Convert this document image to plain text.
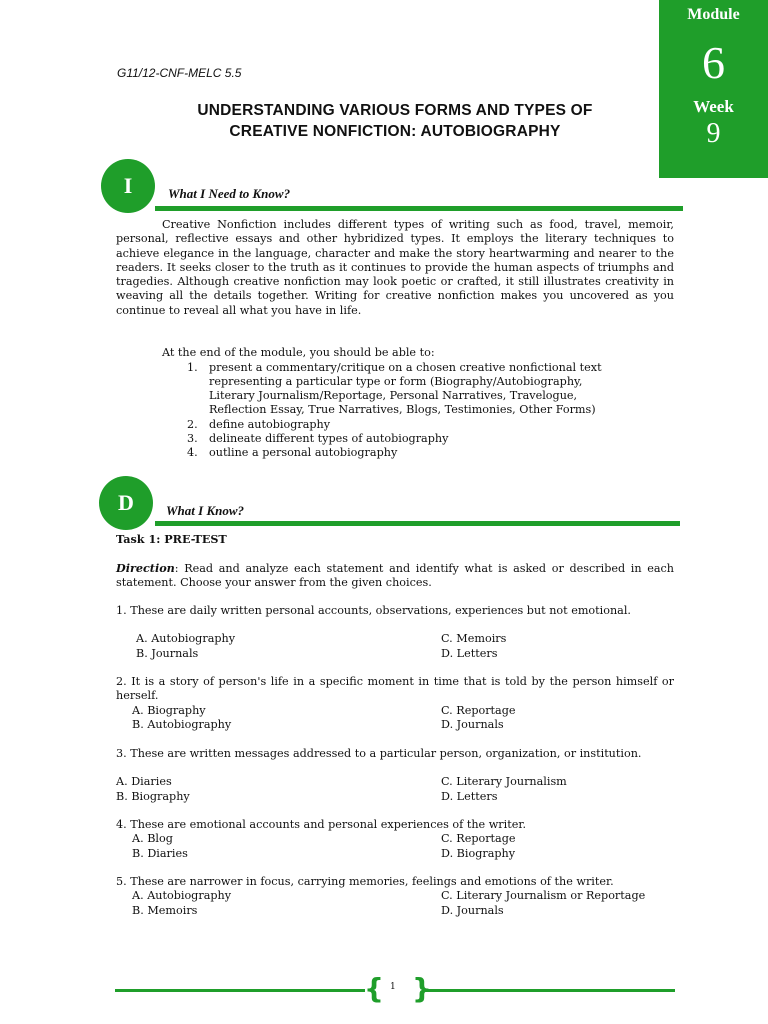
Module
6
Week
9
G11/12-CNF-MELC 5.5
UNDERSTANDING VARIOUS FORMS AND TYPES OF
CREATIVE NONFICTION: AUTOBIOGRAPHY
I	What I Need to Know?
Creative Nonfiction includes different types of writing such as food, travel, memoir, personal, reflective essays and other hybridized types. It employs the literary techniques to achieve elegance in the language, character and make the story heartwarming and nearer to the readers. It seeks closer to the truth as it continues to provide the human aspects of triumphs and tragedies. Although creative nonfiction may look poetic or crafted, it still illustrates creativity in weaving all the details together. Writing for creative nonfiction makes you uncovered as you continue to reveal all what you have in life.
At the end of the module, you should be able to:
1. present a commentary/critique on a chosen creative nonfictional text
representing a particular type or form (Biography/Autobiography,
Literary Journalism/Reportage, Personal Narratives, Travelogue,
Reflection Essay, True Narratives, Blogs, Testimonies, Other Forms)
2. define autobiography
3. delineate different types of autobiography
4. outline a personal autobiography
D	What I Know?
Task 1: PRE-TEST
Direction: Read and analyze each statement and identify what is asked or described in each statement. Choose your answer from the given choices.
1. These are daily written personal accounts, observations, experiences but not emotional.
A. Autobiography
B. Journals
C. Memoirs
D. Letters
2. It is a story of person's life in a specific moment in time that is told by the person himself or herself.
A. Biography
B. Autobiography
C. Reportage
D. Journals
3. These are written messages addressed to a particular person, organization, or institution.
A. Diaries
B. Biography
C. Literary Journalism
D. Letters
4. These are emotional accounts and personal experiences of the writer.
A. Blog
B. Diaries
C. Reportage
D. Biography
5. These are narrower in focus, carrying memories, feelings and emotions of the writer.
A. Autobiography
B. Memoirs
C. Literary Journalism or Reportage
D. Journals
{ }
1
